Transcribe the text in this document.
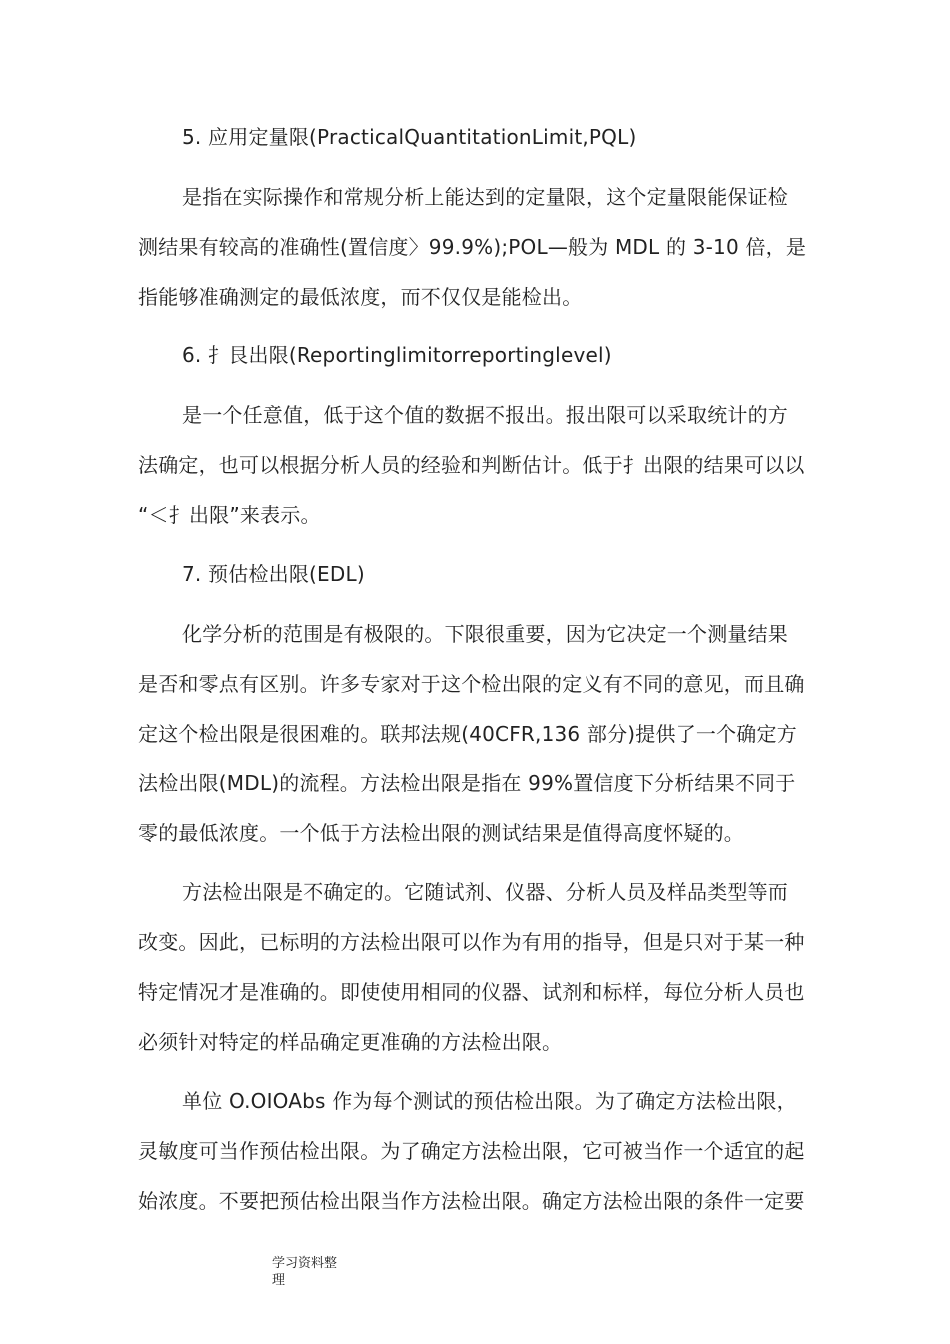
5. 应用定量限(PracticalQuantitationLimit,PQL)
是指在实际操作和常规分析上能达到的定量限，这个定量限能保证检
测结果有较高的准确性(置信度〉99.9%);POL—般为 MDL 的 3-10 倍，是
指能够准确测定的最低浓度，而不仅仅是能检出。
6. 扌艮出限(Reportinglimitorreportinglevel)
是一个任意值，低于这个值的数据不报出。报出限可以采取统计的方
法确定，也可以根据分析人员的经验和判断估计。低于扌出限的结果可以以
“＜扌出限”来表示。
7. 预估检出限(EDL)
化学分析的范围是有极限的。下限很重要，因为它决定一个测量结果
是否和零点有区别。许多专家对于这个检出限的定义有不同的意见，而且确
定这个检出限是很困难的。联邦法规(40CFR,136 部分)提供了一个确定方
法检出限(MDL)的流程。方法检出限是指在 99%置信度下分析结果不同于
零的最低浓度。一个低于方法检出限的测试结果是值得高度怀疑的。
方法检出限是不确定的。它随试剂、仪器、分析人员及样品类型等而
改变。因此，已标明的方法检出限可以作为有用的指导，但是只对于某一种
特定情况才是准确的。即使使用相同的仪器、试剂和标样，每位分析人员也
必须针对特定的样品确定更准确的方法检出限。
单位 O.OIOAbs 作为每个测试的预估检出限。为了确定方法检出限，
灵敏度可当作预估检出限。为了确定方法检出限，它可被当作一个适宜的起
始浓度。不要把预估检出限当作方法检出限。确定方法检出限的条件一定要
学习资料整
理
